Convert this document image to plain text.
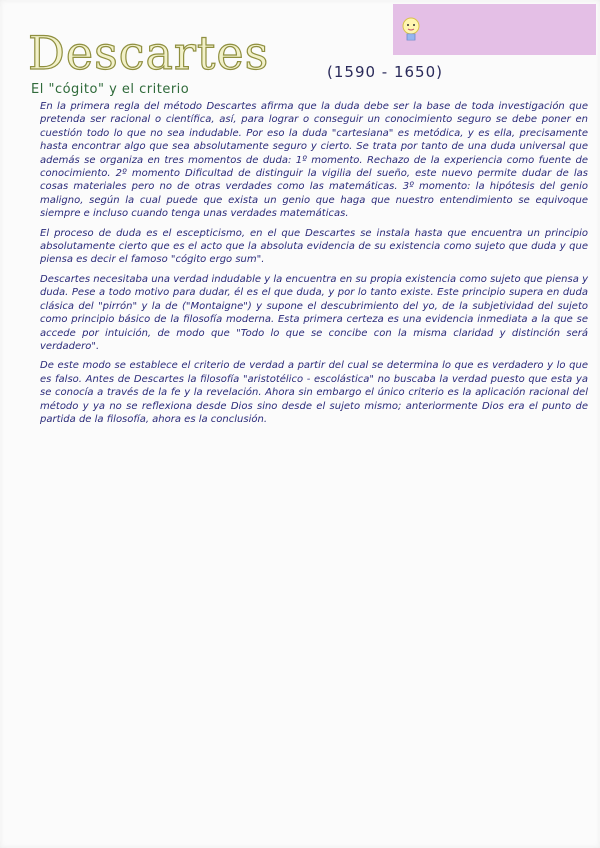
Descartes	(1590 - 1650)
El "cógito" y el criterio

En la primera regla del método Descartes afirma que la duda debe ser la base de toda investigación que pretenda ser racional o científica, así, para lograr o conseguir un conocimiento seguro se debe poner en cuestión todo lo que no sea indudable. Por eso la duda "cartesiana" es metódica, y es ella, precisamente hasta encontrar algo que sea absolutamente seguro y cierto. Se trata por tanto de una duda universal que además se organiza en tres momentos de duda: 1º momento. Rechazo de la experiencia como fuente de conocimiento. 2º momento Dificultad de distinguir la vigilia del sueño, este nuevo permite dudar de las cosas materiales pero no de otras verdades como las matemáticas. 3º momento: la hipótesis del genio maligno, según la cual puede que exista un genio que haga que nuestro entendimiento se equivoque siempre e incluso cuando tenga unas verdades matemáticas.

El proceso de duda es el escepticismo, en el que Descartes se instala hasta que encuentra un principio absolutamente cierto que es el acto que la absoluta evidencia de su existencia como sujeto que duda y que piensa es decir el famoso "cógito ergo sum".

Descartes necesitaba una verdad indudable y la encuentra en su propia existencia como sujeto que piensa y duda. Pese a todo motivo para dudar, él es el que duda, y por lo tanto existe. Este principio supera en duda clásica del "pirrón" y la de ("Montaigne") y supone el descubrimiento del yo, de la subjetividad del sujeto como principio básico de la filosofía moderna. Esta primera certeza es una evidencia inmediata a la que se accede por intuición, de modo que "Todo lo que se concibe con la misma claridad y distinción será verdadero".

De este modo se establece el criterio de verdad a partir del cual se determina lo que es verdadero y lo que es falso. Antes de Descartes la filosofía "aristotélico - escolástica" no buscaba la verdad puesto que esta ya se conocía a través de la fe y la revelación. Ahora sin embargo el único criterio es la aplicación racional del método y ya no se reflexiona desde Dios sino desde el sujeto mismo; anteriormente Dios era el punto de partida de la filosofía, ahora es la conclusión.
